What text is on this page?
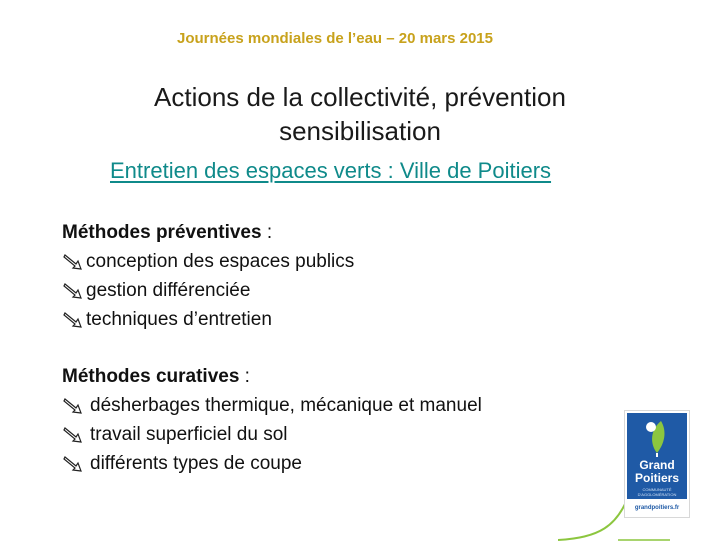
Journées mondiales de l’eau – 20 mars 2015
Actions de la collectivité, prévention
sensibilisation
Entretien des espaces verts : Ville de Poitiers
Méthodes préventives :
conception des espaces publics
gestion différenciée
techniques d’entretien
Méthodes curatives :
désherbages thermique, mécanique et manuel
travail superficiel du sol
différents types de coupe	Grand
Poitiers
COMMUNAUTÉ D'AGGLOMÉRATION
grandpoitiers.fr
